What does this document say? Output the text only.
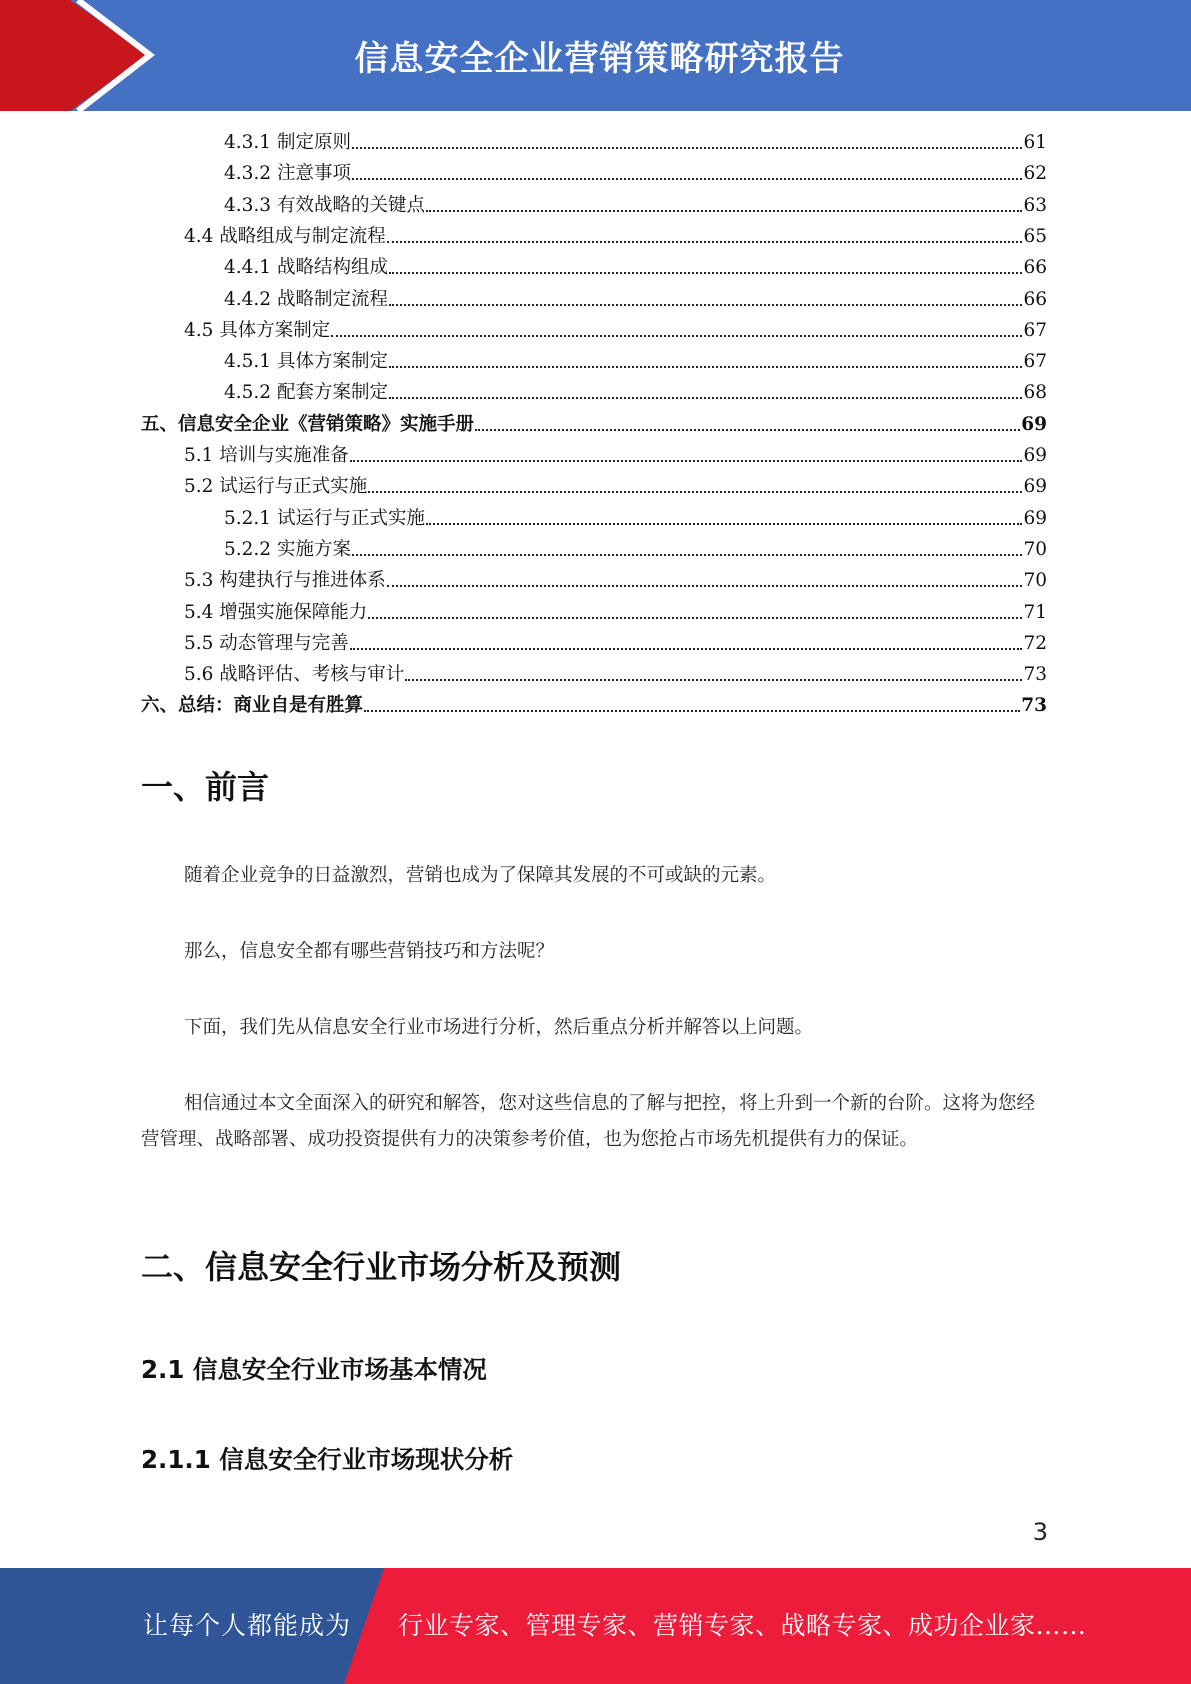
信息安全企业营销策略研究报告
4.3.1 制定原则	61
4.3.2 注意事项	62
4.3.3 有效战略的关键点	63
4.4 战略组成与制定流程	65
4.4.1 战略结构组成	66
4.4.2 战略制定流程	66
4.5 具体方案制定	67
4.5.1 具体方案制定	67
4.5.2 配套方案制定	68
五、信息安全企业《营销策略》实施手册	69
5.1 培训与实施准备	69
5.2 试运行与正式实施	69
5.2.1 试运行与正式实施	69
5.2.2 实施方案	70
5.3 构建执行与推进体系	70
5.4 增强实施保障能力	71
5.5 动态管理与完善	72
5.6 战略评估、考核与审计	73
六、总结：商业自是有胜算	73
一、前言
随着企业竞争的日益激烈，营销也成为了保障其发展的不可或缺的元素。
那么，信息安全都有哪些营销技巧和方法呢？
下面，我们先从信息安全行业市场进行分析，然后重点分析并解答以上问题。
相信通过本文全面深入的研究和解答，您对这些信息的了解与把控，将上升到一个新的台阶。这将为您经营管理、战略部署、成功投资提供有力的决策参考价值，也为您抢占市场先机提供有力的保证。
二、信息安全行业市场分析及预测
2.1 信息安全行业市场基本情况
2.1.1 信息安全行业市场现状分析
3
让每个人都能成为 行业专家、管理专家、营销专家、战略专家、成功企业家……
